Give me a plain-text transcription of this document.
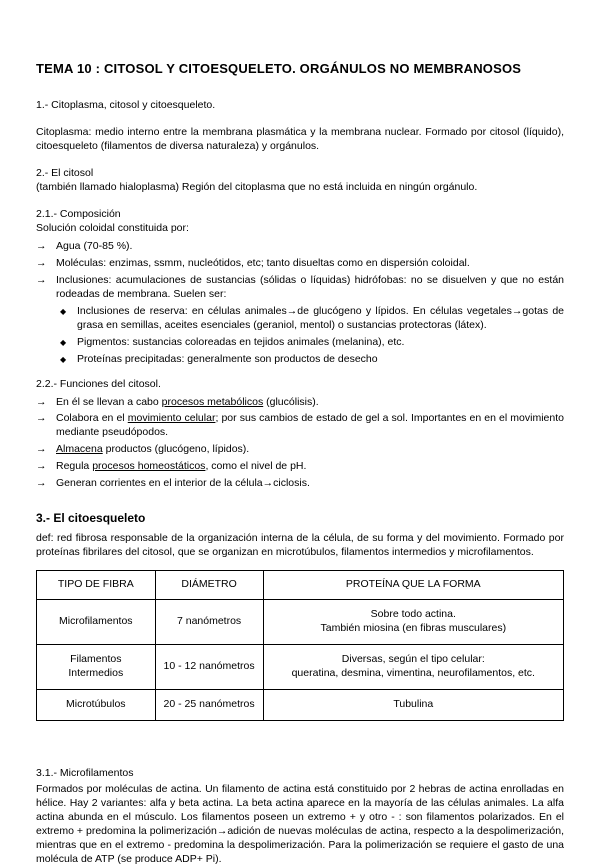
TEMA 10 : CITOSOL Y CITOESQUELETO. ORGÁNULOS NO MEMBRANOSOS
1.- Citoplasma, citosol y citoesqueleto.
Citoplasma: medio interno entre la membrana plasmática y la membrana nuclear. Formado por citosol (líquido), citoesqueleto (filamentos de diversa naturaleza) y orgánulos.
2.- El citosol
(también llamado hialoplasma) Región del citoplasma que no está incluida en ningún orgánulo.
2.1.- Composición
Solución coloidal constituida por:
→ Agua (70-85 %).
→ Moléculas: enzimas, ssmm, nucleótidos, etc; tanto disueltas como en dispersión coloidal.
→ Inclusiones: acumulaciones de sustancias (sólidas o líquidas) hidrófobas: no se disuelven y que no están rodeadas de membrana. Suelen ser:
◆	Inclusiones de reserva: en células animales→de glucógeno y lípidos. En células vegetales→gotas de grasa en semillas, aceites esenciales (geraniol, mentol) o sustancias protectoras (látex).
◆	Pigmentos: sustancias coloreadas en tejidos animales (melanina), etc.
◆	Proteínas precipitadas: generalmente son productos de desecho
2.2.- Funciones del citosol.
→ En él se llevan a cabo procesos metabólicos (glucólisis).
→ Colabora en el movimiento celular; por sus cambios de estado de gel a sol. Importantes en en el movimiento mediante pseudópodos.
→ Almacena productos (glucógeno, lípidos).
→ Regula procesos homeostáticos, como el nivel de pH.
→ Generan corrientes en el interior de la célula→ciclosis.
3.- El citoesqueleto
def: red fibrosa responsable de la organización interna de la célula, de su forma y del movimiento. Formado por proteínas fibrilares del citosol, que se organizan en microtúbulos, filamentos intermedios y microfilamentos.
TIPO DE FIBRA	DIÁMETRO	PROTEÍNA QUE LA FORMA
Microfilamentos	7 nanómetros	Sobre todo actina.
También miosina (en fibras musculares)

Filamentos Intermedios	10 - 12 nanómetros	Diversas, según el tipo celular:
queratina, desmina, vimentina, neurofilamentos, etc.

Microtúbulos	20 - 25 nanómetros	Tubulina
3.1.- Microfilamentos
Formados por moléculas de actina. Un filamento de actina está constituido por 2 hebras de actina enrolladas en hélice. Hay 2 variantes: alfa y beta actina. La beta actina aparece en la mayoría de las células animales. La alfa actina abunda en el músculo. Los filamentos poseen un extremo + y otro - : son filamentos polarizados. En el extremo + predomina la polimerización→adición de nuevas moléculas de actina, respecto a la despolimerización, mientras que en el extremo - predomina la despolimerización. Para la polimerización se requiere el gasto de una molécula de ATP (se produce ADP+ Pi).
